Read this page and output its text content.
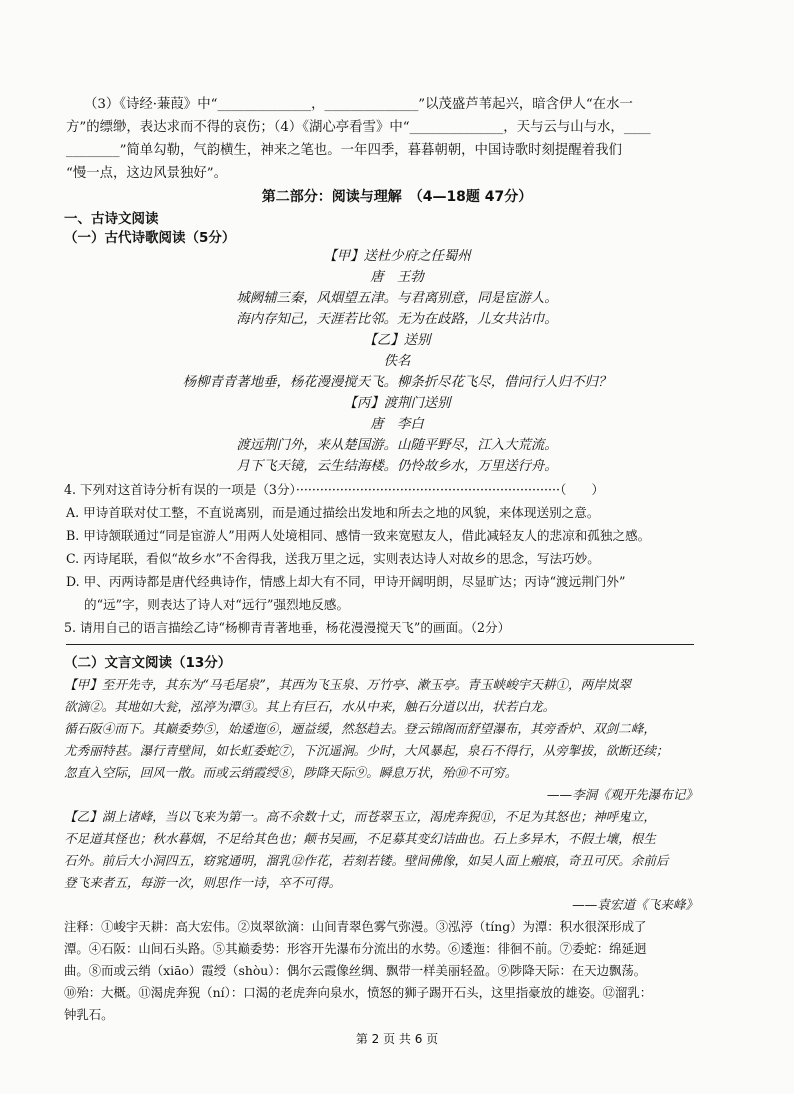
（3）《诗经·蒹葭》中“______________，______________”以茂盛芦苇起兴，暗含伊人“在水一
方”的缥缈，表达求而不得的哀伤；（4）《湖心亭看雪》中“______________，天与云与山与水，____
________”简单勾勒，气韵横生，神来之笔也。一年四季，暮暮朝朝，中国诗歌时刻提醒着我们
“慢一点，这边风景独好”。
第二部分：阅读与理解　（4—18题 47分）
一、古诗文阅读
（一）古代诗歌阅读（5分）
【甲】送杜少府之任蜀州
唐　王勃
城阙辅三秦，风烟望五津。与君离别意，同是宦游人。
海内存知己，天涯若比邻。无为在歧路，儿女共沾巾。
【乙】送别
佚名
杨柳青青著地垂，杨花漫漫搅天飞。柳条折尽花飞尽，借问行人归不归？
【丙】渡荆门送别
唐　李白
渡远荆门外，来从楚国游。山随平野尽，江入大荒流。
月下飞天镜，云生结海楼。仍怜故乡水，万里送行舟。
4. 下列对这首诗分析有误的一项是（3分）··································································（　　）
A. 甲诗首联对仗工整，不直说离别，而是通过描绘出发地和所去之地的风貌，来体现送别之意。
B. 甲诗颔联通过“同是宦游人”用两人处境相同、感情一致来宽慰友人，借此减轻友人的悲凉和孤独之感。
C. 丙诗尾联，看似“故乡水”不舍得我，送我万里之远，实则表达诗人对故乡的思念，写法巧妙。
D. 甲、丙两诗都是唐代经典诗作，情感上却大有不同，甲诗开阔明朗，尽显旷达；丙诗“渡远荆门外”
的“远”字，则表达了诗人对“远行”强烈地反感。
5. 请用自己的语言描绘乙诗“杨柳青青著地垂，杨花漫漫搅天飞”的画面。（2分）
（二）文言文阅读（13分）
【甲】至开先寺，其东为“马毛尾泉”，其西为飞玉泉、万竹亭、漱玉亭。青玉峡峻宇天耕①，两岸岚翠
欲滴②。其地如大瓮，泓渟为潭③。其上有巨石，水从中来，触石分道以出，状若白龙。
循石阪④而下。其巅委势⑤，始逶迤⑥，逦益缓，然怒趋去。登云锦阁而舒望瀑布，其旁香炉、双剑二峰，
尤秀丽特甚。瀑行青壁间，如长虹委蛇⑦，下沉遥涧。少时，大风暴起，泉石不得行，从旁掣拔，欲断还续；
忽直入空际，回风一散。而或云绡霞绶⑧，陟降天际⑨。瞬息万状，殆⑩不可穷。
——李洞《观开先瀑布记》
【乙】湖上诸峰，当以飞来为第一。高不余数十丈，而苍翠玉立，渴虎奔猊⑪，不足为其怒也；神呼鬼立，
不足道其怪也；秋水暮烟，不足给其色也；颠书吴画，不足募其变幻诘曲也。石上多异木，不假土壤，根生
石外。前后大小洞四五，窈窕通明，溜乳⑫作花，若刻若镂。壁间佛像，如吴人面上瘢痕，奇丑可厌。余前后
登飞来者五，每游一次，则思作一诗，卒不可得。
——袁宏道《飞来峰》
注释：①峻宇天耕：高大宏伟。②岚翠欲滴：山间青翠色雾气弥漫。③泓渟（tíng）为潭：积水很深形成了
潭。④石阪：山间石头路。⑤其巅委势：形容开先瀑布分流出的水势。⑥逶迤：徘徊不前。⑦委蛇：绵延迥
曲。⑧而或云绡（xiāo）霞绶（shòu）：偶尔云霞像丝绸、飘带一样美丽轻盈。⑨陟降天际：在天边飘荡。
⑩殆：大概。⑪渴虎奔猊（ní）：口渴的老虎奔向泉水，愤怒的狮子踢开石头，这里指豪放的雄姿。⑫溜乳：
钟乳石。
第 2 页 共 6 页
